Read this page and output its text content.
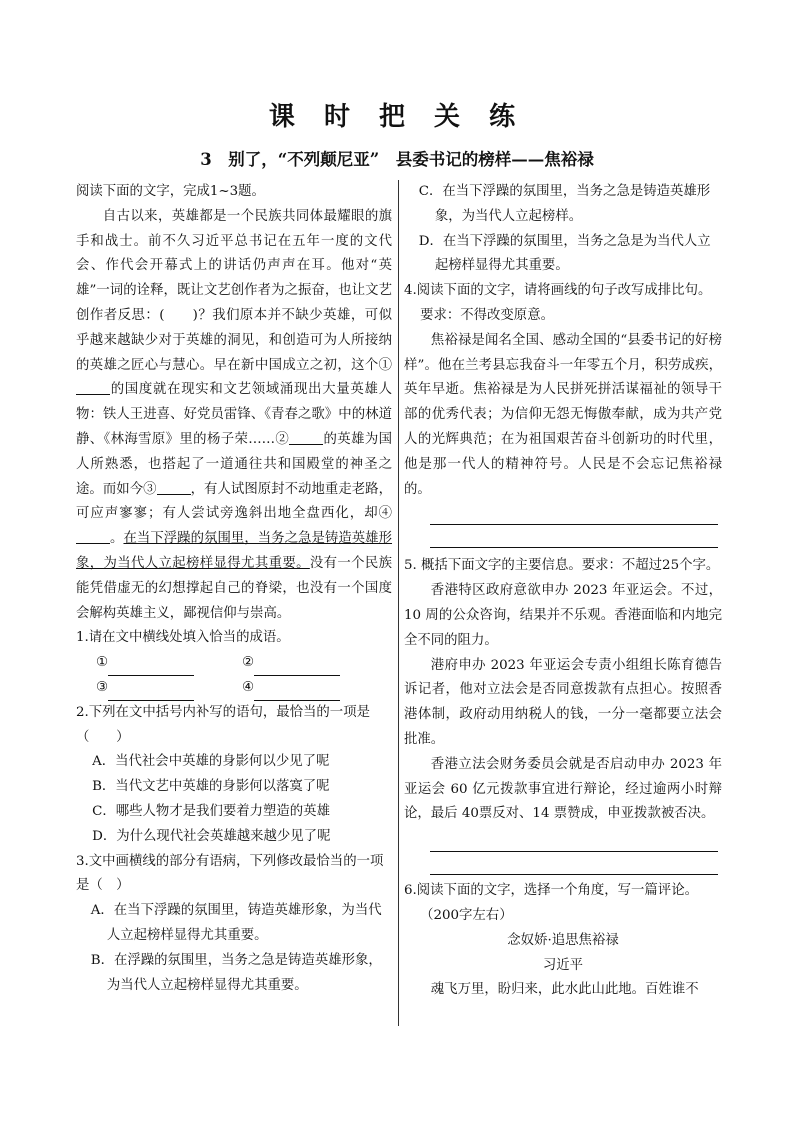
课 时 把 关 练
3　别了，“不列颠尼亚”　县委书记的榜样——焦裕禄

阅读下面的文字，完成1~3题。

自古以来，英雄都是一个民族共同体最耀眼的旗手和战士。前不久习近平总书记在五年一度的文代会、作代会开幕式上的讲话仍声声在耳。他对“英雄”一词的诠释，既让文艺创作者为之振奋，也让文艺创作者反思：(　　)？我们原本并不缺少英雄，可似乎越来越缺少对于英雄的洞见，和创造可为人所接纳的英雄之匠心与慧心。早在新中国成立之初，这个①的国度就在现实和文艺领域涌现出大量英雄人物：铁人王进喜、好党员雷锋、《青春之歌》中的林道静、《林海雪原》里的杨子荣……②	的英雄为国人所熟悉，也搭起了一道通往共和国殿堂的神圣之途。而如今③	，有人试图原封不动地重走老路，可应声寥寥；有人尝试旁逸斜出地全盘西化，却④。在当下浮躁的氛围里，当务之急是铸造英雄形象，为当代人立起榜样显得尤其重要。没有一个民族能凭借虚无的幻想撑起自己的脊梁，也没有一个国度会解构英雄主义，鄙视信仰与崇高。

1.请在文中横线处填入恰当的成语。

①	②
③	④

2.下列在文中括号内补写的语句，最恰当的一项是（　　）

A．当代社会中英雄的身影何以少见了呢

B．当代文艺中英雄的身影何以落寞了呢

C．哪些人物才是我们要着力塑造的英雄

D．为什么现代社会英雄越来越少见了呢

3.文中画横线的部分有语病，下列修改最恰当的一项是（　）

A．在当下浮躁的氛围里，铸造英雄形象，为当代人立起榜样显得尤其重要。

B．在浮躁的氛围里，当务之急是铸造英雄形象，为当代人立起榜样显得尤其重要。

C．在当下浮躁的氛围里，当务之急是铸造英雄形象，为当代人立起榜样。

D．在当下浮躁的氛围里，当务之急是为当代人立起榜样显得尤其重要。

4.阅读下面的文字，请将画线的句子改写成排比句。

要求：不得改变原意。

焦裕禄是闻名全国、感动全国的“县委书记的好榜样”。他在兰考县忘我奋斗一年零五个月，积劳成疾，英年早逝。焦裕禄是为人民拼死拼活谋福祉的领导干部的优秀代表；为信仰无怨无悔傲奉献，成为共产党人的光辉典范；在为祖国艰苦奋斗创新功的时代里，他是那一代人的精神符号。人民是不会忘记焦裕禄的。

5. 概括下面文字的主要信息。要求：不超过25个字。

香港特区政府意欲申办 2023 年亚运会。不过，10 周的公众咨询，结果并不乐观。香港面临和内地完全不同的阻力。

港府申办 2023 年亚运会专责小组组长陈育德告诉记者，他对立法会是否同意拨款有点担心。按照香港体制，政府动用纳税人的钱，一分一毫都要立法会批准。

香港立法会财务委员会就是否启动申办 2023 年亚运会 60 亿元拨款事宜进行辩论，经过逾两小时辩论，最后 40票反对、14 票赞成，申亚拨款被否决。

6.阅读下面的文字，选择一个角度，写一篇评论。

（200字左右）

念奴娇·追思焦裕禄

习近平

魂飞万里，盼归来，此水此山此地。百姓谁不
